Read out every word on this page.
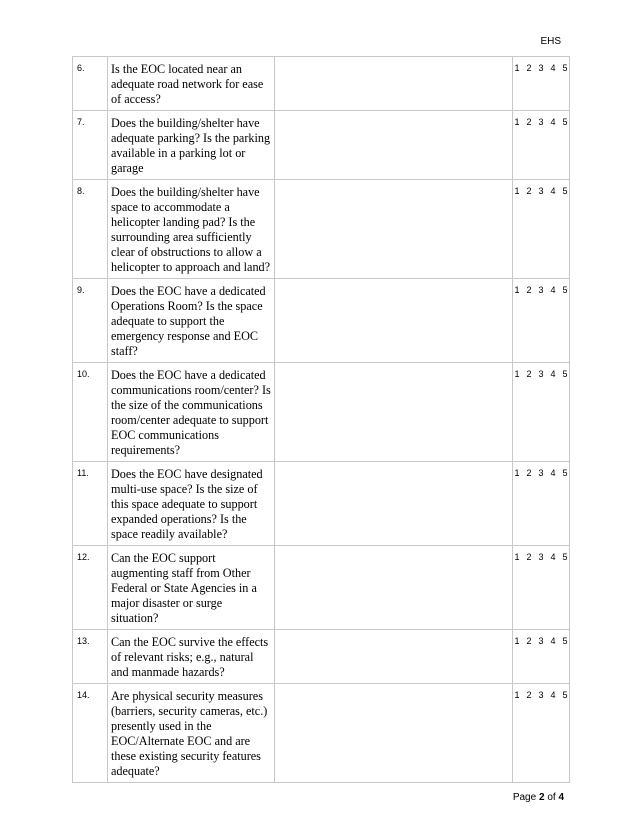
EHS
6.	Is the EOC located near an adequate road network for ease of access?		1 2 3 4 5

7.	Does the building/shelter have adequate parking? Is the parking available in a parking lot or garage		1 2 3 4 5

8.	Does the building/shelter have space to accommodate a helicopter landing pad? Is the surrounding area sufficiently clear of obstructions to allow a helicopter to approach and land?		1 2 3 4 5

9.	Does the EOC have a dedicated Operations Room? Is the space adequate to support the emergency response and EOC staff?		1 2 3 4 5

10.	Does the EOC have a dedicated communications room/center? Is the size of the communications room/center adequate to support EOC communications requirements?		1 2 3 4 5

11.	Does the EOC have designated multi-use space? Is the size of this space adequate to support expanded operations? Is the space readily available?		1 2 3 4 5

12.	Can the EOC support augmenting staff from Other Federal or State Agencies in a major disaster or surge situation?		1 2 3 4 5

13.	Can the EOC survive the effects of relevant risks; e.g., natural and manmade hazards?		1 2 3 4 5

14.	Are physical security measures (barriers, security cameras, etc.) presently used in the EOC/Alternate EOC and are these existing security features adequate?		1 2 3 4 5
Page 2 of 4
